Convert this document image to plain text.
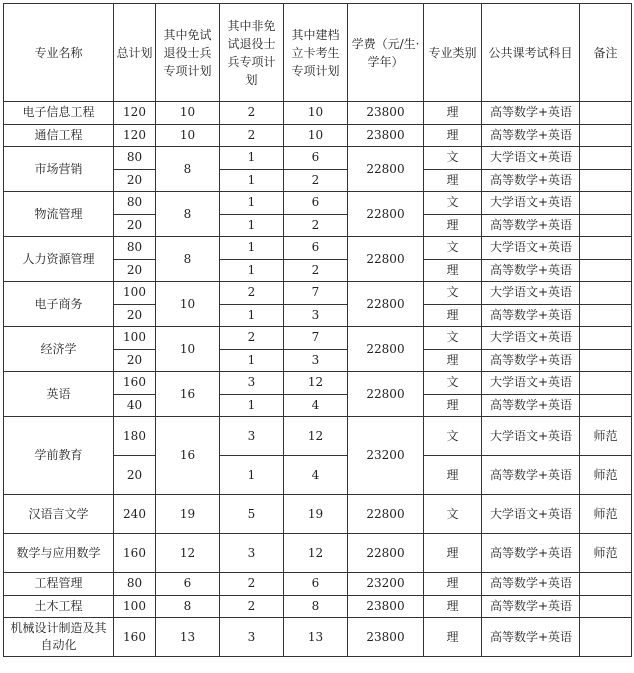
专业名称	总计划	其中免试退役士兵专项计划	其中非免试退役士兵专项计划	其中建档立卡考生专项计划	学费（元/生·学年）	专业类别	公共课考试科目	备注
电子信息工程	120	10	2	10	23800	理	高等数学+英语	
通信工程	120	10	2	10	23800	理	高等数学+英语	
市场营销	80	8	1	6	22800	文	大学语文+英语	
	20		1	2		理	高等数学+英语	
物流管理	80	8	1	6	22800	文	大学语文+英语	
	20		1	2		理	高等数学+英语	
人力资源管理	80	8	1	6	22800	文	大学语文+英语	
	20		1	2		理	高等数学+英语	
电子商务	100	10	2	7	22800	文	大学语文+英语	
	20		1	3		理	高等数学+英语	
经济学	100	10	2	7	22800	文	大学语文+英语	
	20		1	3		理	高等数学+英语	
英语	160	16	3	12	22800	文	大学语文+英语	
	40		1	4		理	高等数学+英语	
学前教育	180	16	3	12	23200	文	大学语文+英语	师范
	20		1	4		理	高等数学+英语	师范
汉语言文学	240	19	5	19	22800	文	大学语文+英语	师范
数学与应用数学	160	12	3	12	22800	理	高等数学+英语	师范
工程管理	80	6	2	6	23200	理	高等数学+英语	
土木工程	100	8	2	8	23800	理	高等数学+英语	
机械设计制造及其自动化	160	13	3	13	23800	理	高等数学+英语	
